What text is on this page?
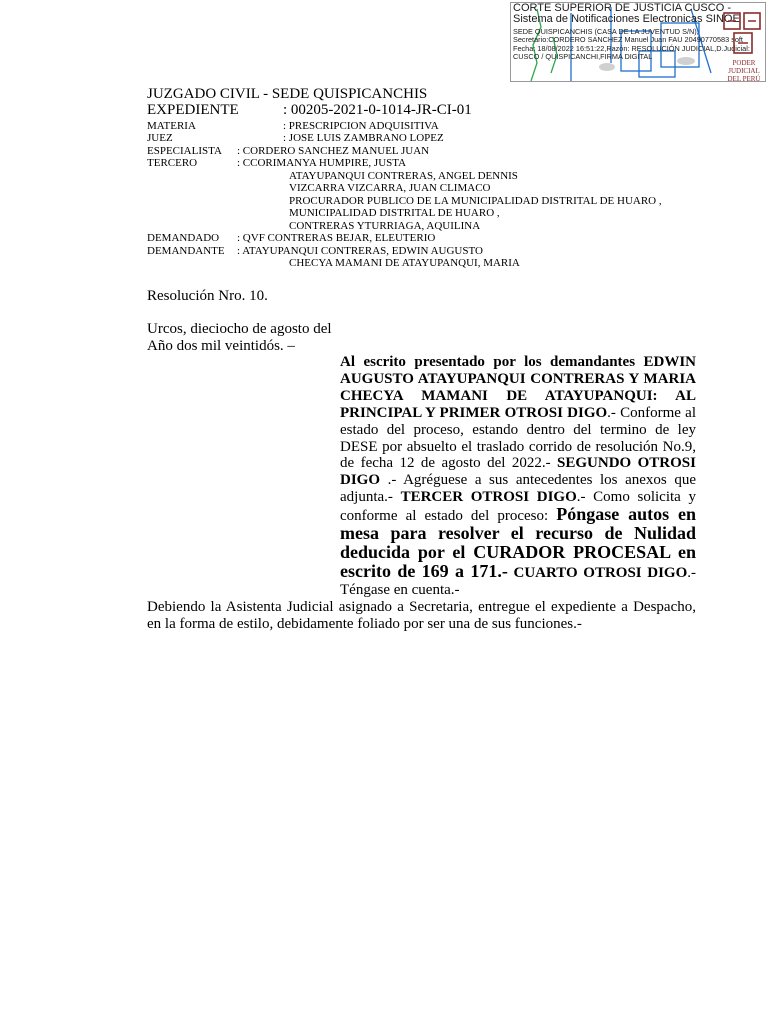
CORTE SUPERIOR DE JUSTICIA CUSCO - Sistema de Notificaciones Electronicas SINOE
SEDE QUISPICANCHIS (CASA DE LA JUVENTUD S/N), Secretario:CORDERO SANCHEZ Manuel Juan FAU 20490770583 soft Fecha: 18/08/2022 16:51:22,Razón: RESOLUCIÓN JUDICIAL,D.Judicial: CUSCO / QUISPICANCHI,FIRMA DIGITAL
PODER JUDICIAL DEL PERÚ
JUZGADO CIVIL - SEDE QUISPICANCHIS
EXPEDIENTE	: 00205-2021-0-1014-JR-CI-01
MATERIA	: PRESCRIPCION ADQUISITIVA
JUEZ	: JOSE LUIS ZAMBRANO LOPEZ
ESPECIALISTA : CORDERO SANCHEZ MANUEL JUAN
TERCERO	: CCORIMANYA HUMPIRE, JUSTA
ATAYUPANQUI CONTRERAS, ANGEL DENNIS
VIZCARRA VIZCARRA, JUAN CLIMACO
PROCURADOR PUBLICO DE LA MUNICIPALIDAD DISTRITAL DE HUARO ,
MUNICIPALIDAD DISTRITAL DE HUARO ,
CONTRERAS YTURRIAGA, AQUILINA
DEMANDADO : QVF CONTRERAS BEJAR, ELEUTERIO
DEMANDANTE : ATAYUPANQUI CONTRERAS, EDWIN AUGUSTO
CHECYA MAMANI DE ATAYUPANQUI, MARIA
Resolución Nro. 10.
Urcos, dieciocho de agosto del
Año dos mil veintidós. –

Al escrito presentado por los demandantes EDWIN AUGUSTO ATAYUPANQUI CONTRERAS Y MARIA CHECYA MAMANI DE ATAYUPANQUI: AL PRINCIPAL Y PRIMER OTROSI DIGO.- Conforme al estado del proceso, estando dentro del termino de ley DESE por absuelto el traslado corrido de resolución No.9, de fecha 12 de agosto del 2022.- SEGUNDO OTROSI DIGO .- Agréguese a sus antecedentes los anexos que adjunta.- TERCER OTROSI DIGO.- Como solicita y conforme al estado del proceso: Póngase autos en mesa para resolver el recurso de Nulidad deducida por el CURADOR PROCESAL en escrito de 169 a 171.- CUARTO OTROSI DIGO.-Téngase en cuenta.-

Debiendo la Asistenta Judicial asignado a Secretaria, entregue el expediente a Despacho, en la forma de estilo, debidamente foliado por ser una de sus funciones.-
